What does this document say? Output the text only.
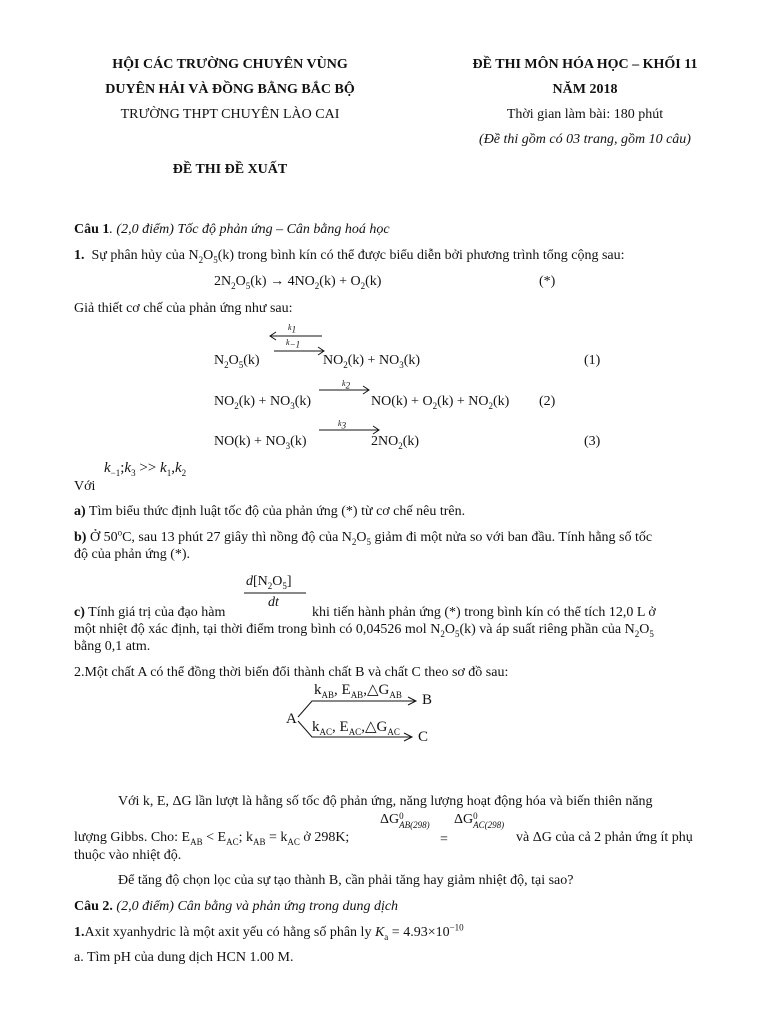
HỘI CÁC TRƯỜNG CHUYÊN VÙNG
DUYÊN HẢI VÀ ĐỒNG BẰNG BẮC BỘ
TRƯỜNG THPT CHUYÊN LÀO CAI
ĐỀ THI ĐỀ XUẤT
ĐỀ THI MÔN HÓA HỌC – KHỐI 11
NĂM 2018
Thời gian làm bài: 180 phút
(Đề thi gồm có 03 trang, gồm 10 câu)
Câu 1. (2,0 điểm) Tốc độ phản ứng – Cân bằng hoá học
1. Sự phân hủy của $N_2O_5(k)$ trong bình kín có thể được biểu diễn bởi phương trình tổng cộng sau:
$2N_2O_5(k) \to 4NO_2(k) + O_2(k)$	(*)
Giả thiết cơ chế của phản ứng như sau:
$N_2O_5(k)$
$k_1$
$k_{-1}$
$NO_2(k) + NO_3(k)$	(1)
$NO_2(k) + NO_3(k)$
$k_2$
$NO(k) + O_2(k) + NO_2(k)$ (2)
$NO(k) + NO_3(k)$
$k_3$
$2NO_2(k)$	(3)
$k_{-1};k_3 >> k_1,k_2$
Với
a) Tìm biểu thức định luật tốc độ của phản ứng (*) từ cơ chế nêu trên.
b) Ở 50$^o$C, sau 13 phút 27 giây thì nồng độ của $N_2O_5$ giảm đi một nửa so với ban đầu. Tính hằng số tốc
độ của phản ứng (*).
$d[N_2O_5]$
dt
c) Tính giá trị của đạo hàm	khi tiến hành phản ứng (*) trong bình kín có thể tích 12,0 L ở
một nhiệt độ xác định, tại thời điểm trong bình có 0,04526 mol $N_2O_5(k)$ và áp suất riêng phần của $N_2O_5$
bằng 0,1 atm.
2.Một chất A có thể đồng thời biến đổi thành chất B và chất C theo sơ đồ sau:
$k_{AB}$, $E_{AB},\triangle G_{AB}$ B
A $k_{AC}$, $E_{AC},\triangle G_{AC}$ C
Với k, E, ΔG lần lượt là hằng số tốc độ phản ứng, năng lượng hoạt động hóa và biến thiên năng
lượng Gibbs. Cho: $E_{AB} < E_{AC}$; $k_{AB} = k_{AC}$ ở 298K;
ΔG 0
AB(298)
=
ΔG 0
AC(298)
và ΔG của cả 2 phản ứng ít phụ
thuộc vào nhiệt độ.
Để tăng độ chọn lọc của sự tạo thành B, cần phải tăng hay giảm nhiệt độ, tại sao?
Câu 2. (2,0 điểm) Cân bằng và phản ứng trong dung dịch
1.Axit xyanhydric là một axit yếu có hằng số phân ly $K_a = 4.93\times 10^{-10}$
a. Tìm pH của dung dịch HCN 1.00 M.
